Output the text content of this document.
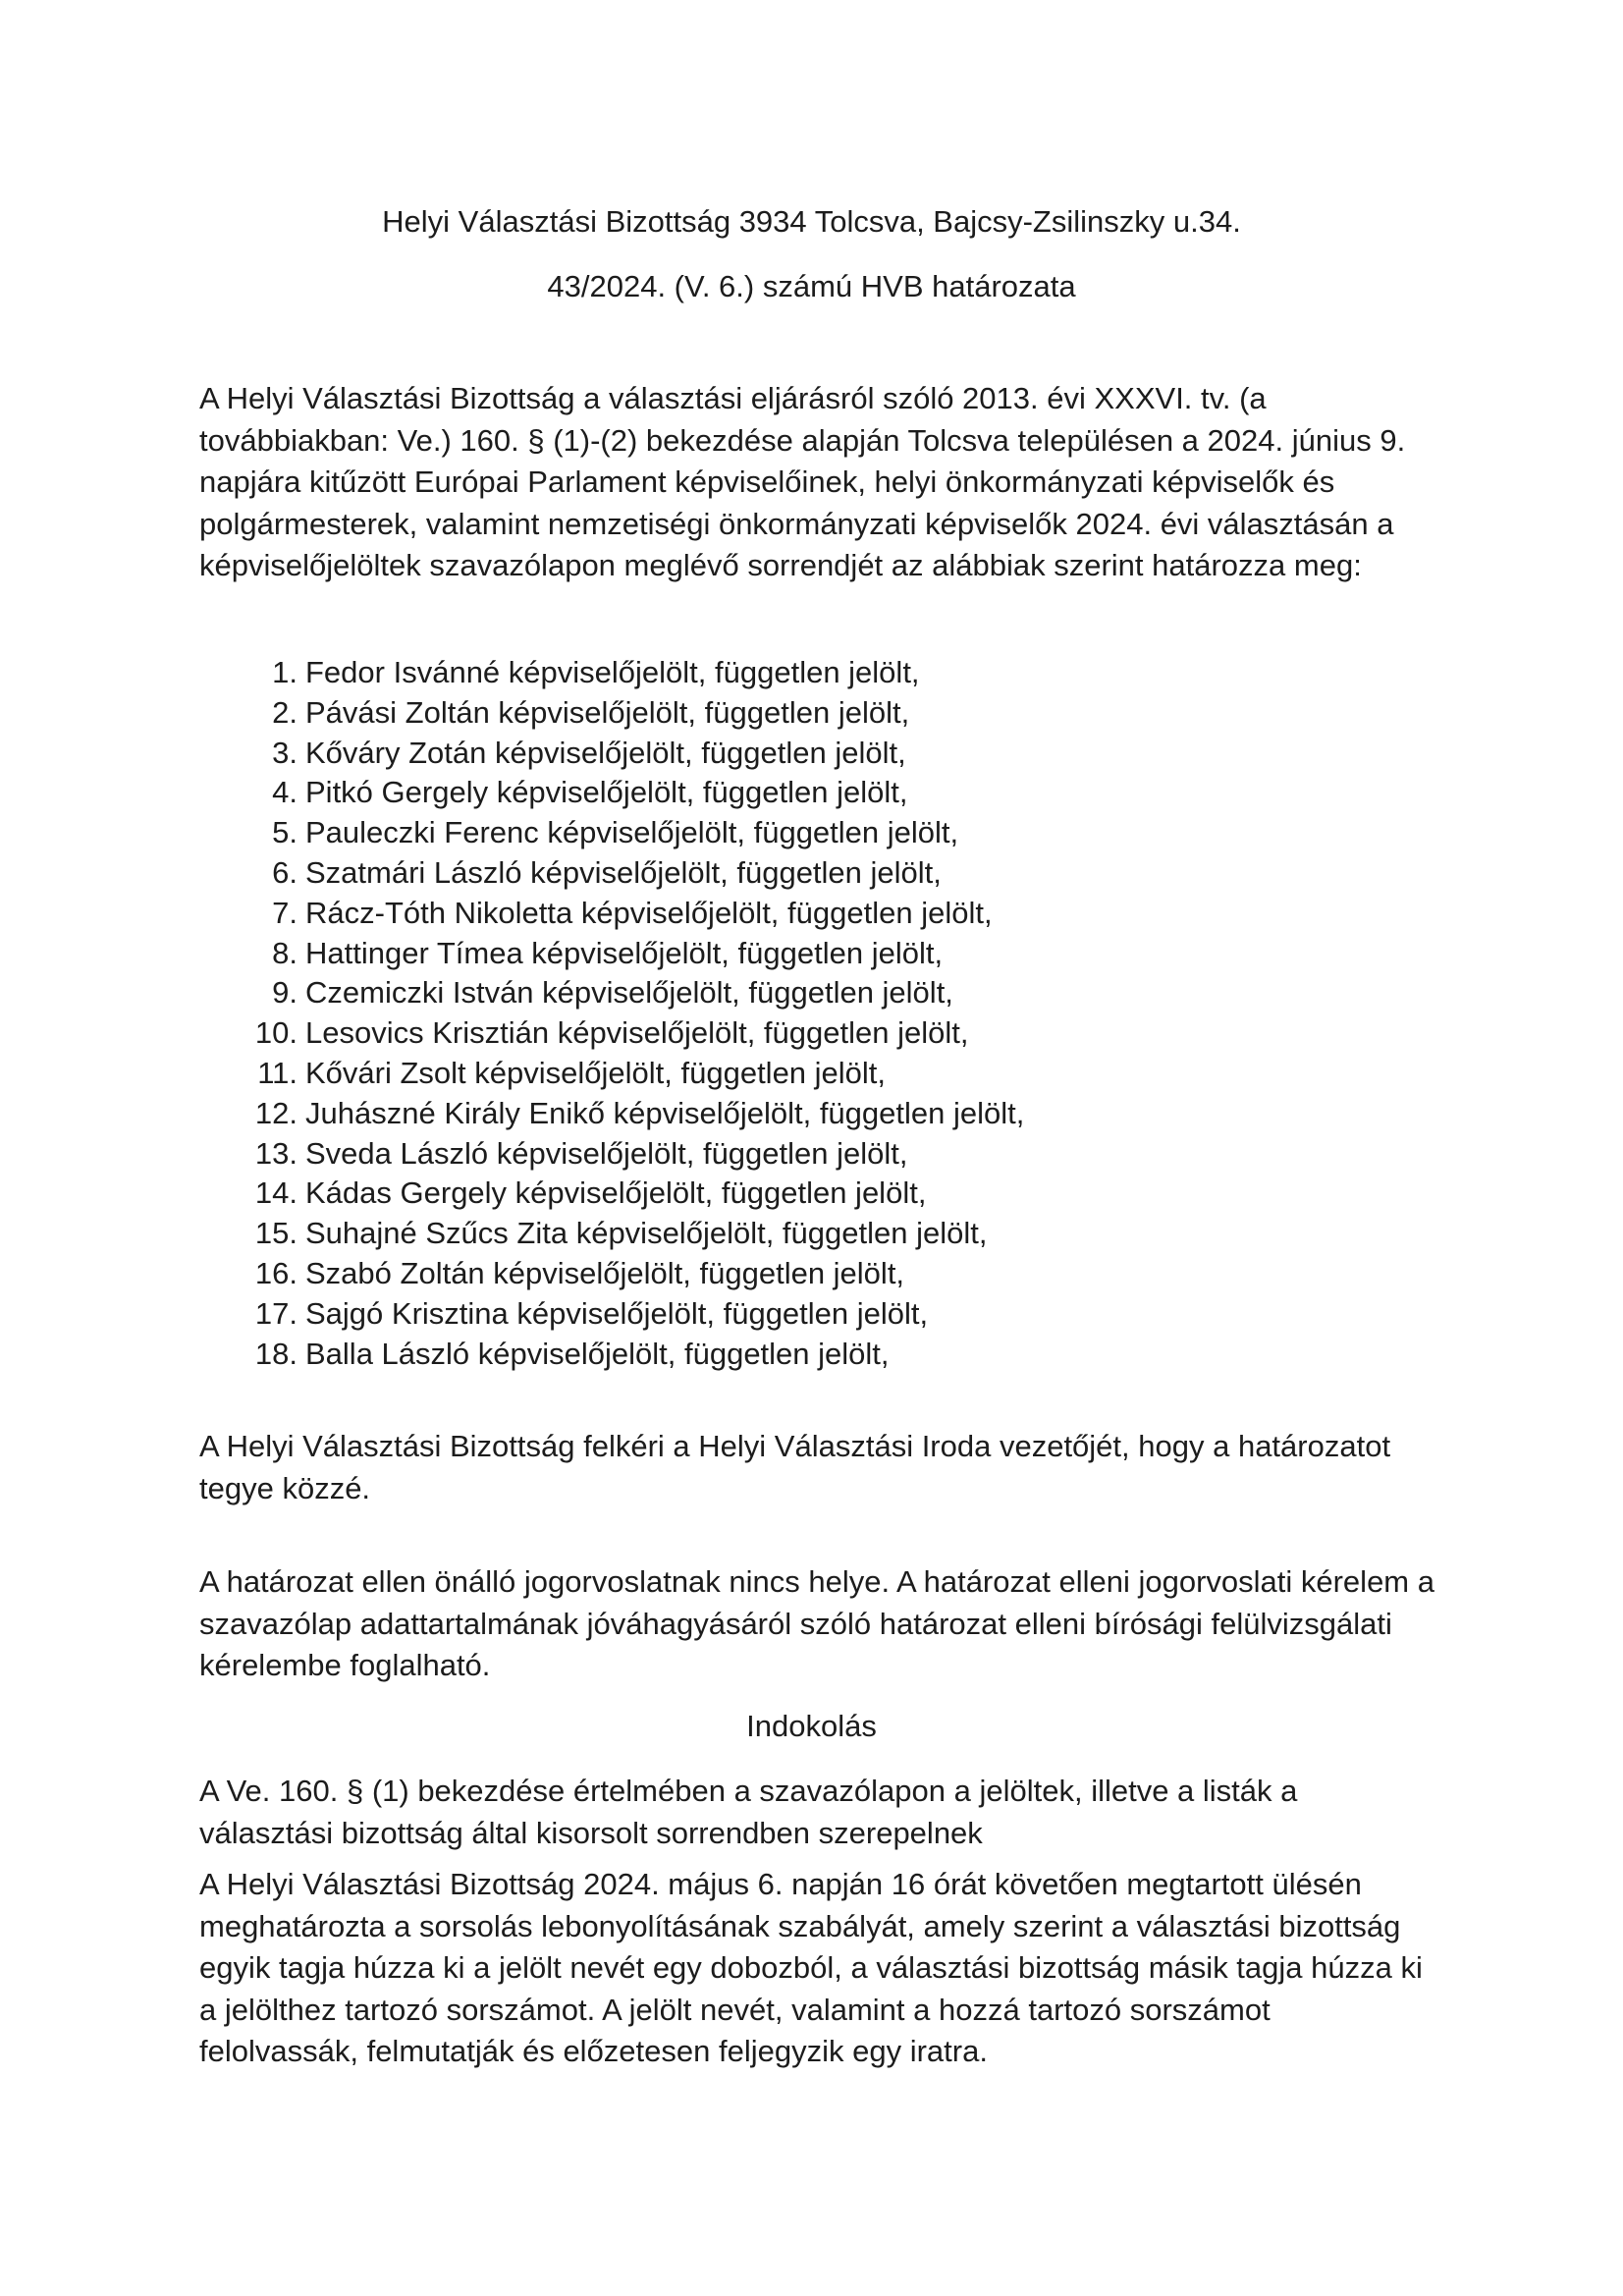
Helyi Választási Bizottság 3934 Tolcsva, Bajcsy-Zsilinszky u.34.
43/2024. (V. 6.) számú HVB határozata

A Helyi Választási Bizottság a választási eljárásról szóló 2013. évi XXXVI. tv. (a továbbiakban: Ve.) 160. § (1)-(2) bekezdése alapján Tolcsva településen a 2024. június 9. napjára kitűzött Európai Parlament képviselőinek, helyi önkormányzati képviselők és polgármesterek, valamint nemzetiségi önkormányzati képviselők 2024. évi választásán a képviselőjelöltek szavazólapon meglévő sorrendjét az alábbiak szerint határozza meg:

1. Fedor Isvánné képviselőjelölt, független jelölt,
2. Pávási Zoltán képviselőjelölt, független jelölt,
3. Kőváry Zotán képviselőjelölt, független jelölt,
4. Pitkó Gergely képviselőjelölt, független jelölt,
5. Pauleczki Ferenc képviselőjelölt, független jelölt,
6. Szatmári László képviselőjelölt, független jelölt,
7. Rácz-Tóth Nikoletta képviselőjelölt, független jelölt,
8. Hattinger Tímea képviselőjelölt, független jelölt,
9. Czemiczki István képviselőjelölt, független jelölt,
10. Lesovics Krisztián képviselőjelölt, független jelölt,
11. Kővári Zsolt képviselőjelölt, független jelölt,
12. Juhászné Király Enikő képviselőjelölt, független jelölt,
13. Sveda László képviselőjelölt, független jelölt,
14. Kádas Gergely képviselőjelölt, független jelölt,
15. Suhajné Szűcs Zita képviselőjelölt, független jelölt,
16. Szabó Zoltán képviselőjelölt, független jelölt,
17. Sajgó Krisztina képviselőjelölt, független jelölt,
18. Balla László képviselőjelölt, független jelölt,

A Helyi Választási Bizottság felkéri a Helyi Választási Iroda vezetőjét, hogy a határozatot tegye közzé.

A határozat ellen önálló jogorvoslatnak nincs helye. A határozat elleni jogorvoslati kérelem a szavazólap adattartalmának jóváhagyásáról szóló határozat elleni bírósági felülvizsgálati kérelembe foglalható.

Indokolás

A Ve. 160. § (1) bekezdése értelmében a szavazólapon a jelöltek, illetve a listák a választási bizottság által kisorsolt sorrendben szerepelnek

A Helyi Választási Bizottság 2024. május 6. napján 16 órát követően megtartott ülésén meghatározta a sorsolás lebonyolításának szabályát, amely szerint a választási bizottság egyik tagja húzza ki a jelölt nevét egy dobozból, a választási bizottság másik tagja húzza ki a jelölthez tartozó sorszámot. A jelölt nevét, valamint a hozzá tartozó sorszámot felolvassák, felmutatják és előzetesen feljegyzik egy iratra.
